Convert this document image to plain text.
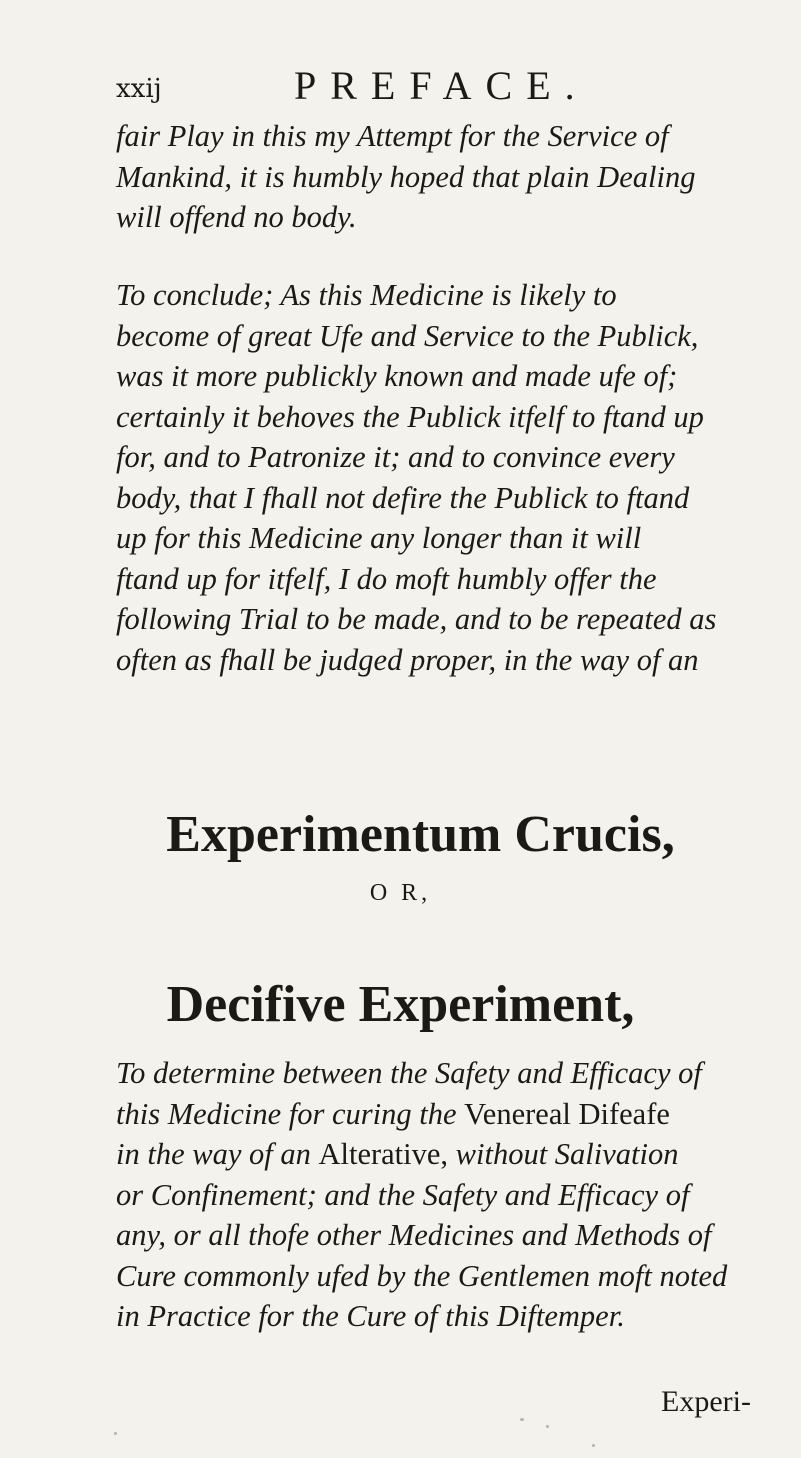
xxij	PREFACE.

fair Play in this my Attempt for the Service of
Mankind, it is humbly hoped that plain Dealing
will offend no body.

To conclude; As this Medicine is likely to
become of great Ufe and Service to the Publick,
was it more publickly known and made ufe of;
certainly it behoves the Publick itfelf to ftand up
for, and to Patronize it; and to convince every
body, that I fhall not defire the Publick to ftand
up for this Medicine any longer than it will
ftand up for itfelf, I do moft humbly offer the
following Trial to be made, and to be repeated as
often as fhall be judged proper, in the way of an

Experimentum Crucis,
O R,
Decifive Experiment,

To determine between the Safety and Efficacy of
this Medicine for curing the Venereal Difeafe
in the way of an Alterative, without Salivation
or Confinement; and the Safety and Efficacy of
any, or all thofe other Medicines and Methods of
Cure commonly ufed by the Gentlemen moft noted
in Practice for the Cure of this Diftemper.

Experi-
